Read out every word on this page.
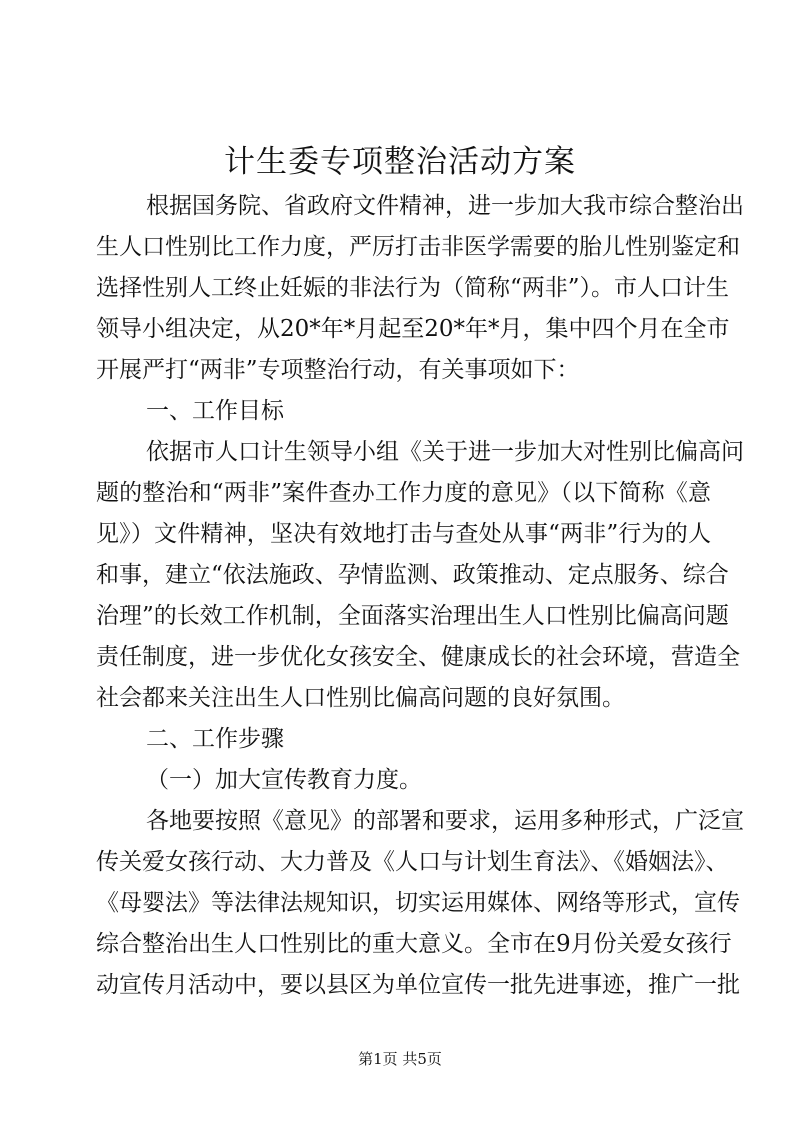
计生委专项整治活动方案

根据国务院、省政府文件精神，进一步加大我市综合整治出

生人口性别比工作力度，严厉打击非医学需要的胎儿性别鉴定和

选择性别人工终止妊娠的非法行为（简称“两非”）。市人口计生

领导小组决定，从20*年*月起至20*年*月，集中四个月在全市

开展严打“两非”专项整治行动，有关事项如下：

一、工作目标

依据市人口计生领导小组《关于进一步加大对性别比偏高问

题的整治和“两非”案件查办工作力度的意见》（以下简称《意

见》）文件精神，坚决有效地打击与查处从事“两非”行为的人

和事，建立“依法施政、孕情监测、政策推动、定点服务、综合

治理”的长效工作机制，全面落实治理出生人口性别比偏高问题

责任制度，进一步优化女孩安全、健康成长的社会环境，营造全

社会都来关注出生人口性别比偏高问题的良好氛围。

二、工作步骤

（一）加大宣传教育力度。

各地要按照《意见》的部署和要求，运用多种形式，广泛宣

传关爱女孩行动、大力普及《人口与计划生育法》、《婚姻法》、

《母婴法》等法律法规知识，切实运用媒体、网络等形式，宣传

综合整治出生人口性别比的重大意义。全市在9月份关爱女孩行

动宣传月活动中，要以县区为单位宣传一批先进事迹，推广一批

第1页 共5页
